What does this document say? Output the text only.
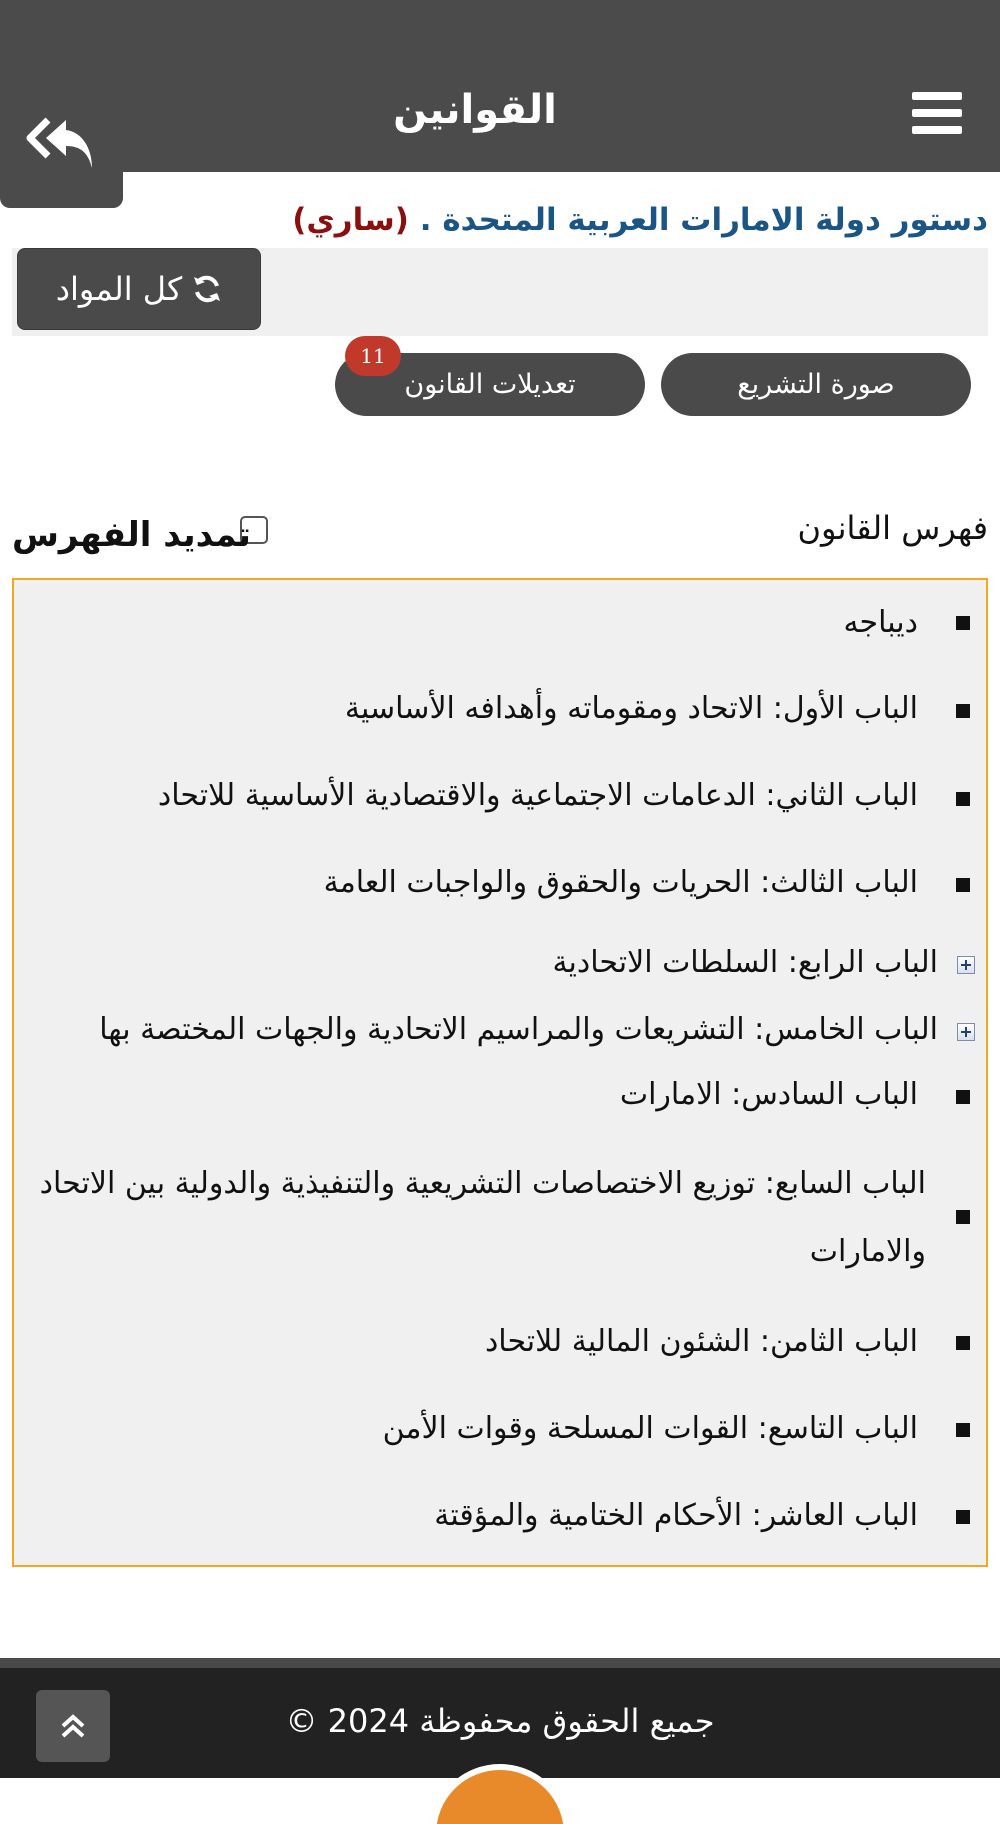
القوانين
دستور دولة الامارات العربية المتحدة . (ساري)
كل المواد
صورة التشريع
تعديلات القانون
11
فهرس القانون
تمديد الفهرس
ديباجه
الباب الأول: الاتحاد ومقوماته وأهدافه الأساسية
الباب الثاني: الدعامات الاجتماعية والاقتصادية الأساسية للاتحاد
الباب الثالث: الحريات والحقوق والواجبات العامة
الباب الرابع: السلطات الاتحادية
الباب الخامس: التشريعات والمراسيم الاتحادية والجهات المختصة بها
الباب السادس: الامارات
الباب السابع: توزيع الاختصاصات التشريعية والتنفيذية والدولية بين الاتحاد والامارات
الباب الثامن: الشئون المالية للاتحاد
الباب التاسع: القوات المسلحة وقوات الأمن
الباب العاشر: الأحكام الختامية والمؤقتة
جميع الحقوق محفوظة 2024 ©
